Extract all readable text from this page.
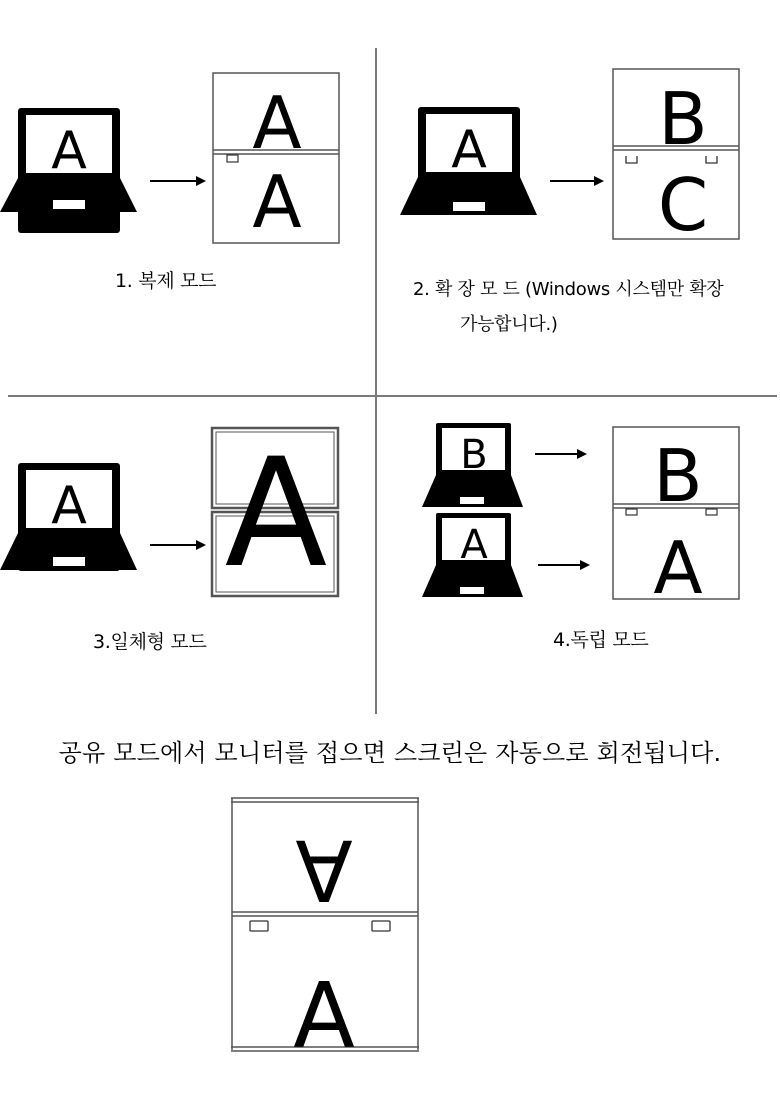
A A
A
1. 복제 모드
A B
C
2. 확 장 모 드 (Windows 시스템만 확장
가능합니다.)
A A
3.일체형 모드
B
A
B
A
4.독립 모드
공유 모드에서 모니터를 접으면 스크린은 자동으로 회전됩니다.
A
A
